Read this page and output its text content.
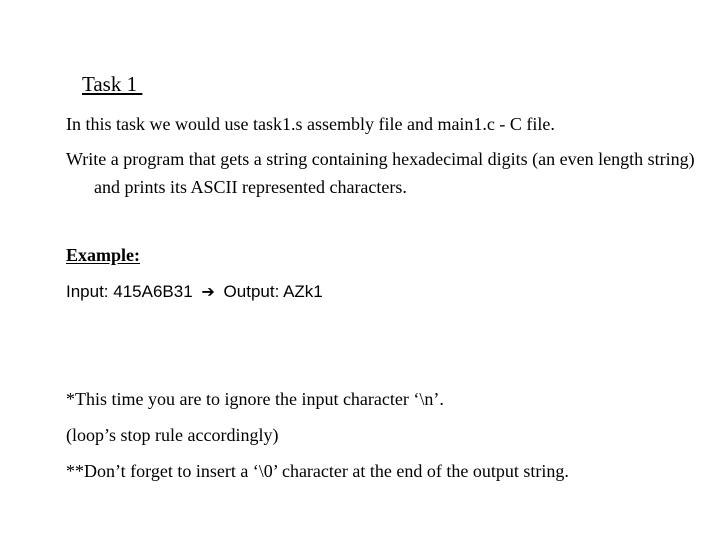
Task 1
In this task we would use task1.s assembly file and main1.c - C file.
Write a program that gets a string containing hexadecimal digits (an even length string) and prints its ASCII represented characters.
Example:
Input: 415A6B31 ➔ Output: AZk1
*This time you are to ignore the input character ‘\n’.
(loop’s stop rule accordingly)
**Don’t forget to insert a ‘\0’ character at the end of the output string.
